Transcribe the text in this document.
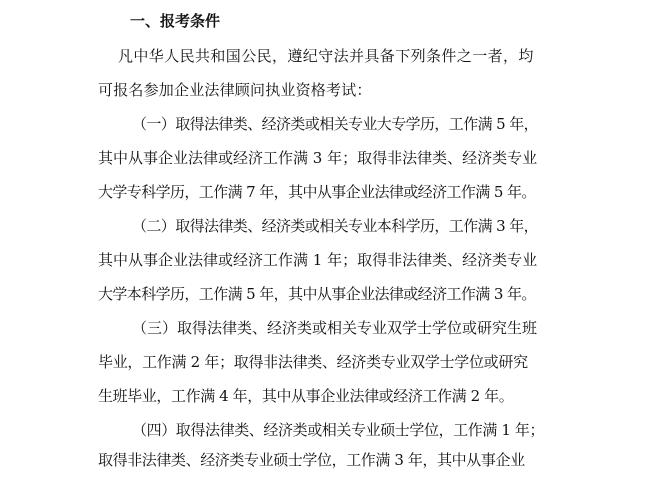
一、报考条件
凡中华人民共和国公民，遵纪守法并具备下列条件之一者，均
可报名参加企业法律顾问执业资格考试：
（一）取得法律类、经济类或相关专业大专学历，工作满 5 年，
其中从事企业法律或经济工作满 3 年；取得非法律类、经济类专业
大学专科学历，工作满 7 年，其中从事企业法律或经济工作满 5 年。
（二）取得法律类、经济类或相关专业本科学历，工作满 3 年，
其中从事企业法律或经济工作满 1 年；取得非法律类、经济类专业
大学本科学历，工作满 5 年，其中从事企业法律或经济工作满 3 年。
（三）取得法律类、经济类或相关专业双学士学位或研究生班
毕业，工作满 2 年；取得非法律类、经济类专业双学士学位或研究
生班毕业，工作满 4 年，其中从事企业法律或经济工作满 2 年。
（四）取得法律类、经济类或相关专业硕士学位，工作满 1 年；
取得非法律类、经济类专业硕士学位，工作满 3 年，其中从事企业
